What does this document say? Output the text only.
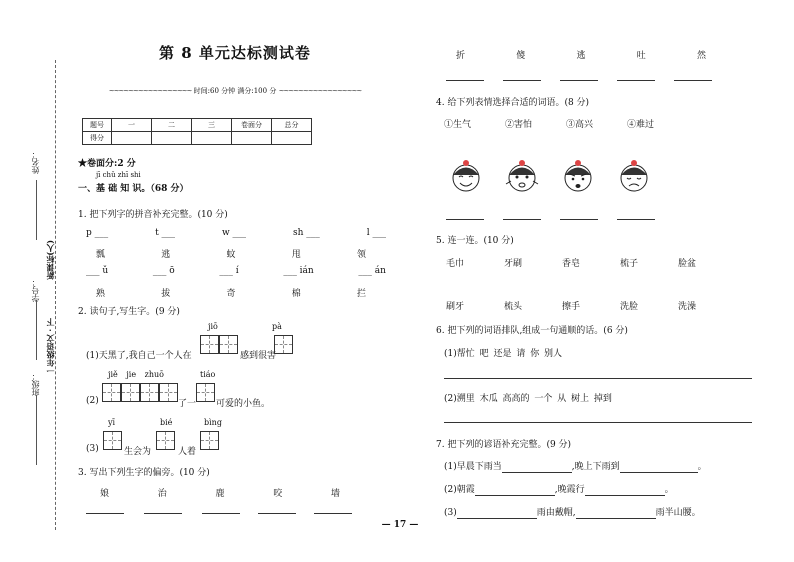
姓名：
学号：
班级：
新课标(人)
一年级语文 · 下
第 8 单元达标测试卷
~~~~~~~~~~~~~~~~~ 时间:60 分钟 满分:100 分 ~~~~~~~~~~~~~~~~~
题号	一	二	三	卷面分	总分
得分					
★卷面分:2 分
jī chǔ zhī shi
一、基 础 知 识。（68 分）
1. 把下列字的拼音补充完整。(10 分)
p ___	t ___	w ___	sh ___	l ___
瓢	逃	蚊	甩	领
___ ǔ	___ ō	___ í	___ ián	___ án
熟	拔	奇	棉	拦
2. 读句子,写生字。(9 分)
jiō	pà
(1)天黑了,我自己一个人在	感到很害
jiě jie zhuō	tiáo
(2)	了一 可爱的小鱼。
yī	bié	bìng
(3)	生会为	人着
3. 写出下列生字的偏旁。(10 分)
娘	治	鹿	咬	墙
折	傻	逃	吐	然
4. 给下列表情选择合适的词语。(8 分)
①生气	②害怕	③高兴	④难过
5. 连一连。(10 分)
毛巾	牙刷	香皂	梳子	脸盆
刷牙	梳头	擦手	洗脸	洗澡
6. 把下列的词语排队,组成一句通顺的话。(6 分)
(1)帮忙 吧 还是 请 你 别人
(2)溯里 木瓜 高高的 一个 从 树上 掉到
7. 把下列的谚语补充完整。(9 分)
(1)早晨下雨当	,晚上下雨到	。
(2)朝霞	,晚霞行	。
(3)	雨由戴帽,	雨半山腰。
— 17 —
